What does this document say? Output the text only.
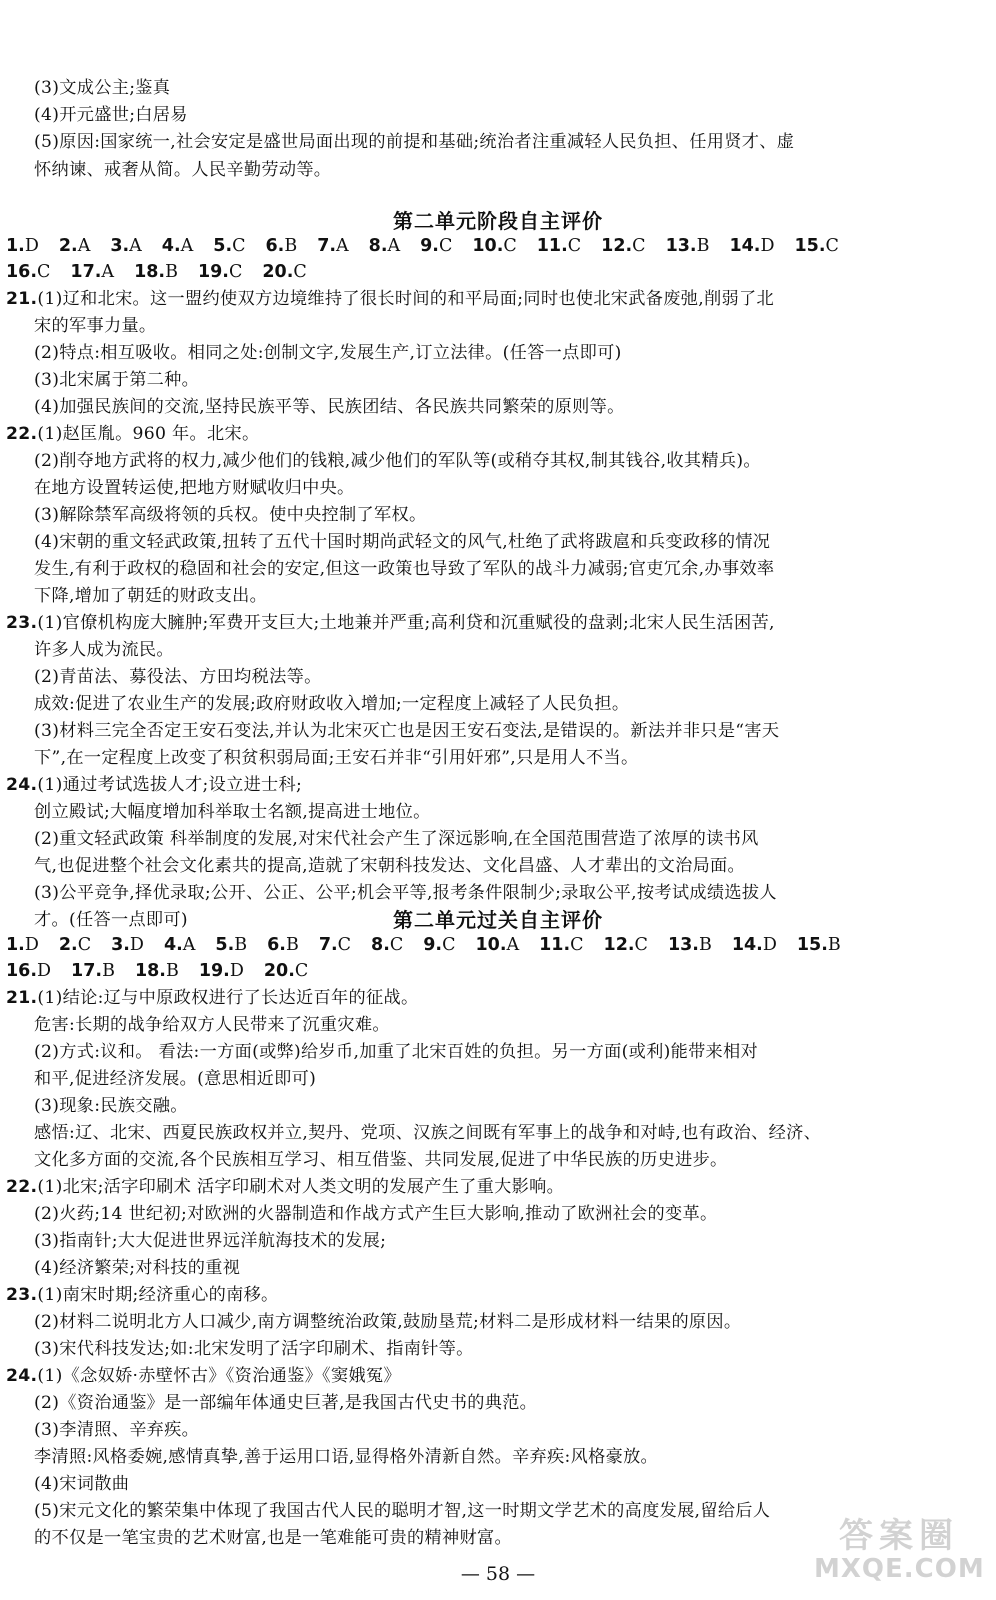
(3)文成公主;鉴真
(4)开元盛世;白居易
(5)原因:国家统一,社会安定是盛世局面出现的前提和基础;统治者注重减轻人民负担、任用贤才、虚
怀纳谏、戒奢从简。人民辛勤劳动等。
第二单元阶段自主评价
1.D 2.A 3.A 4.A 5.C 6.B 7.A 8.A 9.C 10.C 11.C 12.C 13.B 14.D 15.C
16.C 17.A 18.B 19.C 20.C
21.(1)辽和北宋。这一盟约使双方边境维持了很长时间的和平局面;同时也使北宋武备废弛,削弱了北
宋的军事力量。
(2)特点:相互吸收。相同之处:创制文字,发展生产,订立法律。(任答一点即可)
(3)北宋属于第二种。
(4)加强民族间的交流,坚持民族平等、民族团结、各民族共同繁荣的原则等。
22.(1)赵匡胤。960 年。北宋。
(2)削夺地方武将的权力,减少他们的钱粮,减少他们的军队等(或稍夺其权,制其钱谷,收其精兵)。
在地方设置转运使,把地方财赋收归中央。
(3)解除禁军高级将领的兵权。使中央控制了军权。
(4)宋朝的重文轻武政策,扭转了五代十国时期尚武轻文的风气,杜绝了武将跋扈和兵变政移的情况
发生,有利于政权的稳固和社会的安定,但这一政策也导致了军队的战斗力减弱;官吏冗余,办事效率
下降,增加了朝廷的财政支出。
23.(1)官僚机构庞大臃肿;军费开支巨大;土地兼并严重;高利贷和沉重赋役的盘剥;北宋人民生活困苦,
许多人成为流民。
(2)青苗法、募役法、方田均税法等。
成效:促进了农业生产的发展;政府财政收入增加;一定程度上减轻了人民负担。
(3)材料三完全否定王安石变法,并认为北宋灭亡也是因王安石变法,是错误的。新法并非只是“害天
下”,在一定程度上改变了积贫积弱局面;王安石并非“引用奸邪”,只是用人不当。
24.(1)通过考试选拔人才;设立进士科;
创立殿试;大幅度增加科举取士名额,提高进士地位。
(2)重文轻武政策 科举制度的发展,对宋代社会产生了深远影响,在全国范围营造了浓厚的读书风
气,也促进整个社会文化素共的提高,造就了宋朝科技发达、文化昌盛、人才辈出的文治局面。
(3)公平竞争,择优录取;公开、公正、公平;机会平等,报考条件限制少;录取公平,按考试成绩选拔人
才。(任答一点即可)	第二单元过关自主评价
1.D 2.C 3.D 4.A 5.B 6.B 7.C 8.C 9.C 10.A 11.C 12.C 13.B 14.D 15.B
16.D 17.B 18.B 19.D 20.C
21.(1)结论:辽与中原政权进行了长达近百年的征战。
危害:长期的战争给双方人民带来了沉重灾难。
(2)方式:议和。 看法:一方面(或弊)给岁币,加重了北宋百姓的负担。另一方面(或利)能带来相对
和平,促进经济发展。(意思相近即可)
(3)现象:民族交融。
感悟:辽、北宋、西夏民族政权并立,契丹、党项、汉族之间既有军事上的战争和对峙,也有政治、经济、
文化多方面的交流,各个民族相互学习、相互借鉴、共同发展,促进了中华民族的历史进步。
22.(1)北宋;活字印刷术 活字印刷术对人类文明的发展产生了重大影响。
(2)火药;14 世纪初;对欧洲的火器制造和作战方式产生巨大影响,推动了欧洲社会的变革。
(3)指南针;大大促进世界远洋航海技术的发展;
(4)经济繁荣;对科技的重视
23.(1)南宋时期;经济重心的南移。
(2)材料二说明北方人口减少,南方调整统治政策,鼓励垦荒;材料二是形成材料一结果的原因。
(3)宋代科技发达;如:北宋发明了活字印刷术、指南针等。
24.(1)《念奴娇·赤壁怀古》《资治通鉴》《窦娥冤》
(2)《资治通鉴》是一部编年体通史巨著,是我国古代史书的典范。
(3)李清照、辛弃疾。
李清照:风格委婉,感情真挚,善于运用口语,显得格外清新自然。辛弃疾:风格豪放。
(4)宋词散曲
(5)宋元文化的繁荣集中体现了我国古代人民的聪明才智,这一时期文学艺术的高度发展,留给后人
的不仅是一笔宝贵的艺术财富,也是一笔难能可贵的精神财富。
— 58 —
答案圈
MXQE.COM
